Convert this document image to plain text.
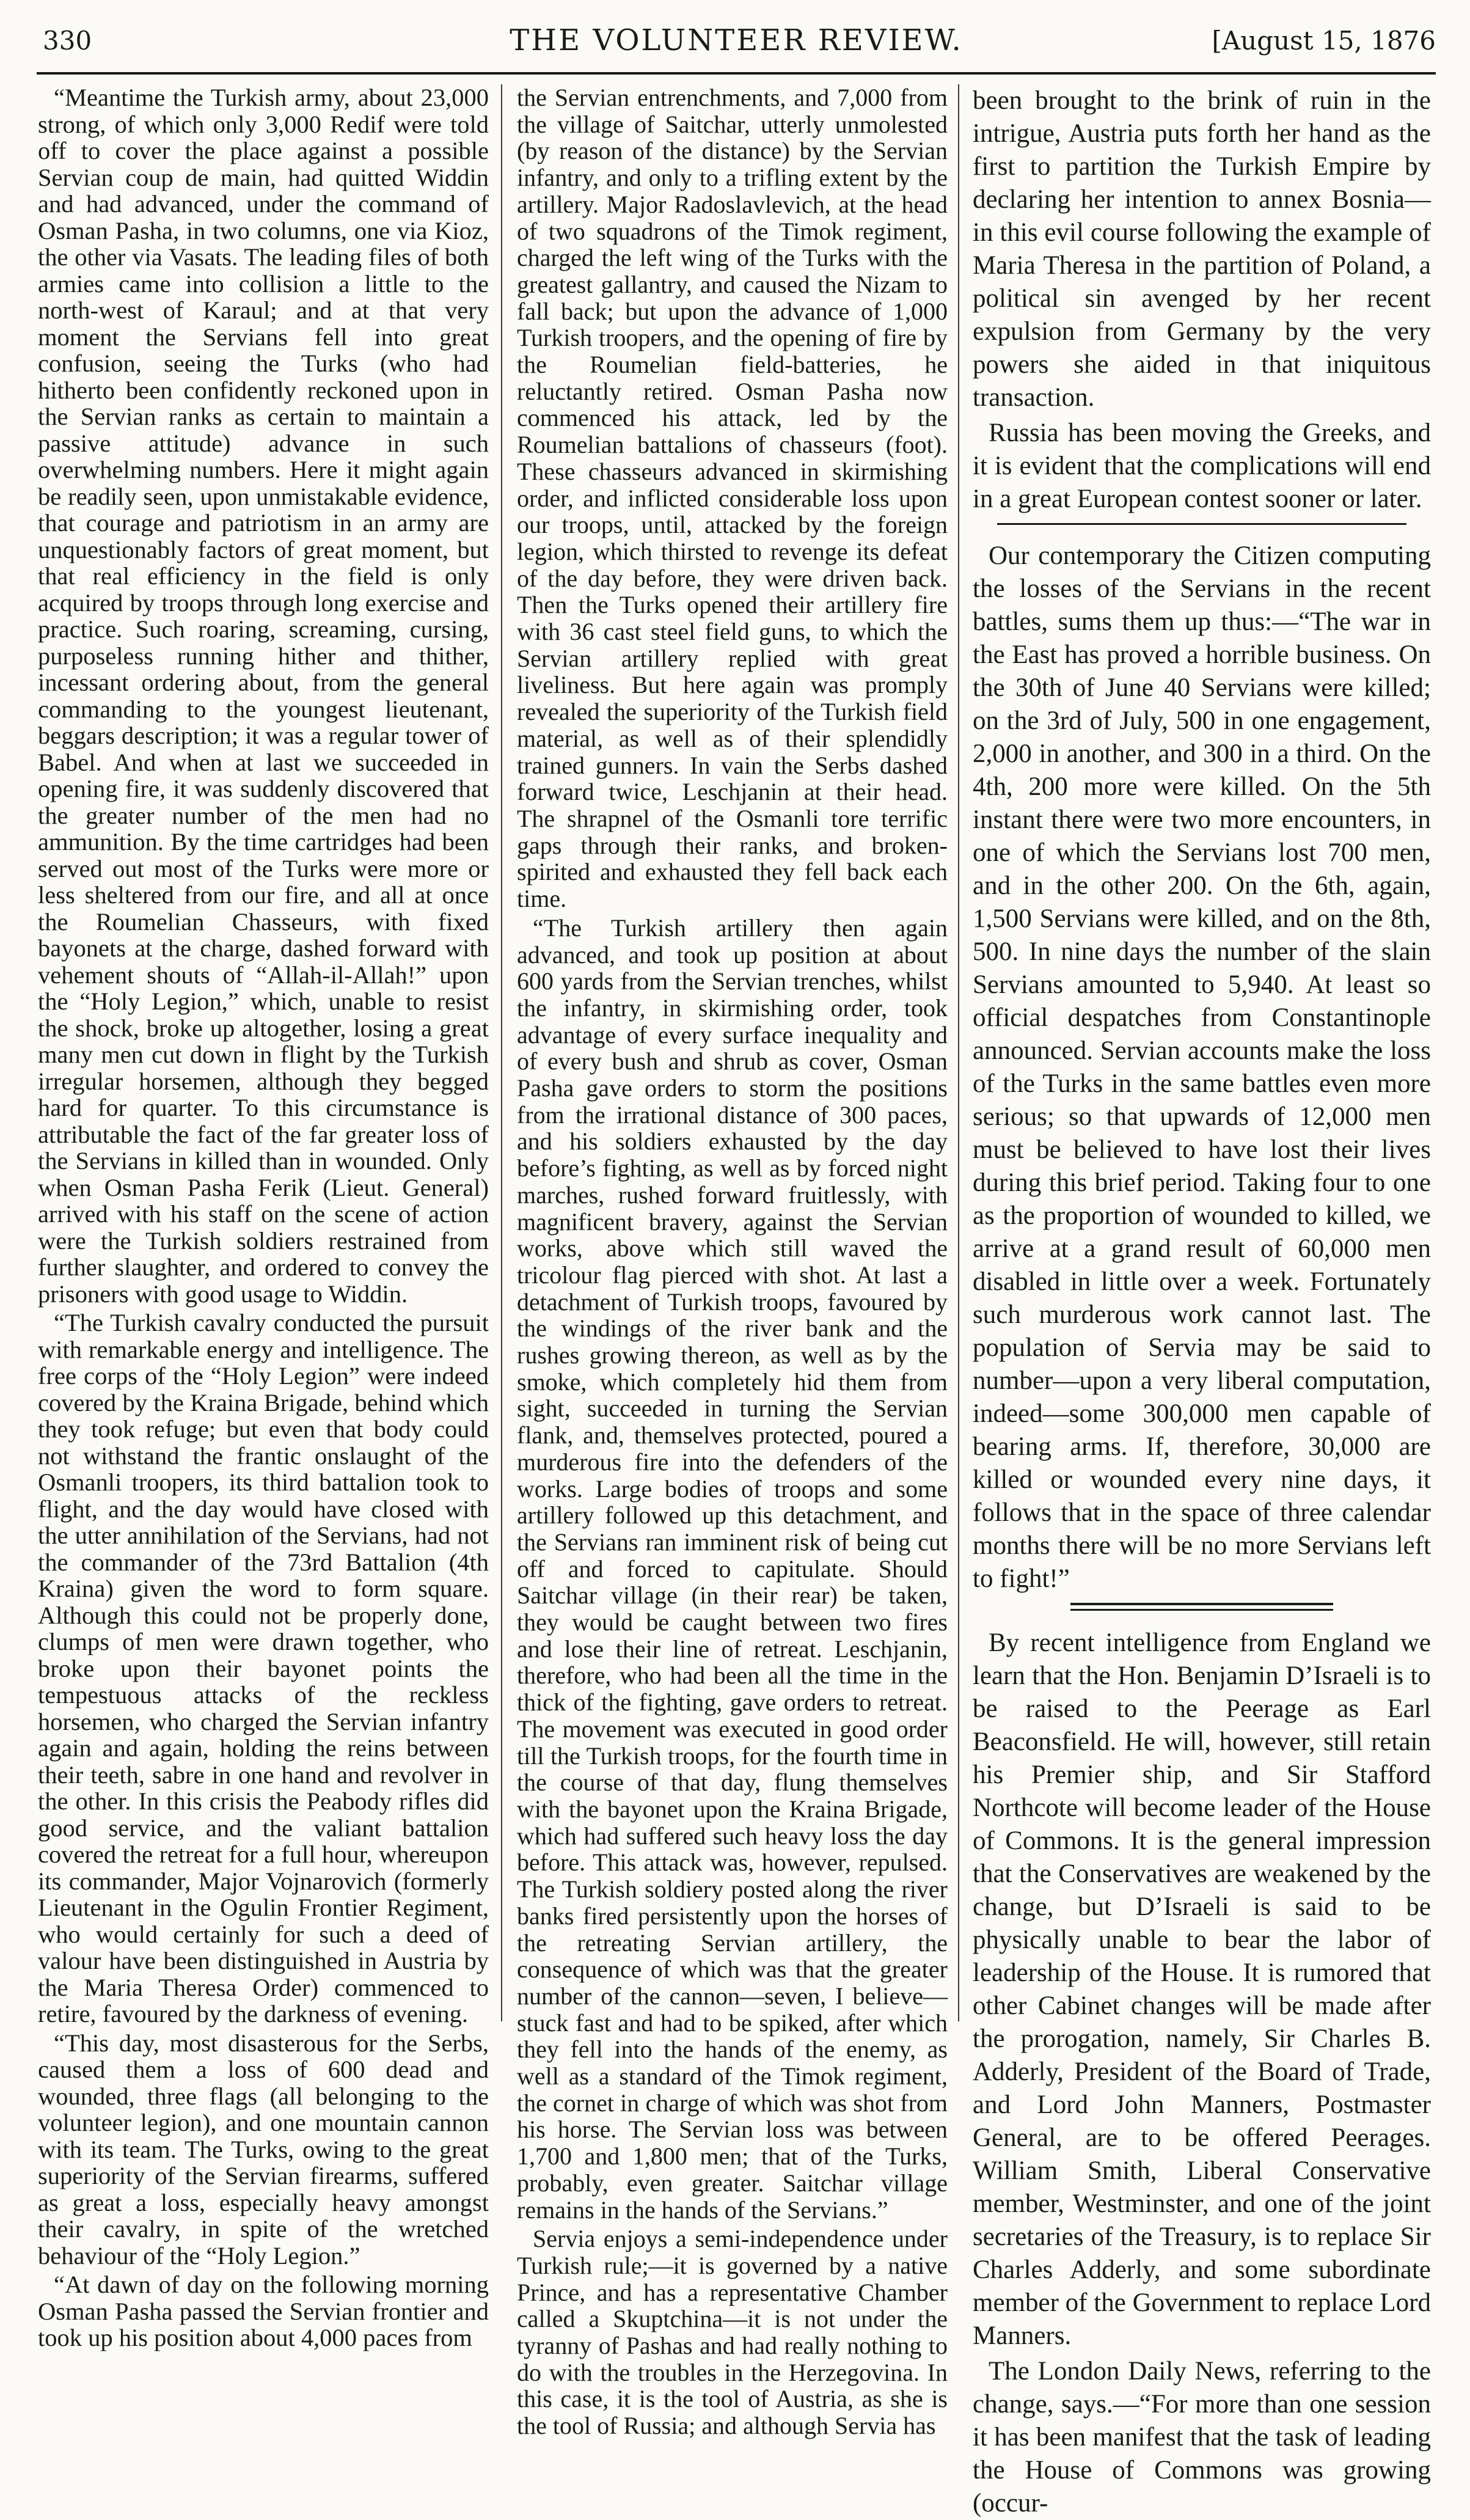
330	THE VOLUNTEER REVIEW.	[August 15, 1876

“Meantime the Turkish army, about 23,000 strong, of which only 3,000 Redif were told off to cover the place against a possible Servian coup de main, had quitted Widdin and had advanced, under the command of Osman Pasha, in two columns, one via Kioz, the other via Vasats. The leading files of both armies came into collision a little to the north-west of Karaul; and at that very moment the Servians fell into great confusion, seeing the Turks (who had hitherto been confidently reckoned upon in the Servian ranks as certain to maintain a passive attitude) advance in such overwhelming numbers. Here it might again be readily seen, upon unmistakable evidence, that courage and patriotism in an army are unquestionably factors of great moment, but that real efficiency in the field is only acquired by troops through long exercise and practice. Such roaring, screaming, cursing, purposeless running hither and thither, incessant ordering about, from the general commanding to the youngest lieutenant, beggars description; it was a regular tower of Babel. And when at last we succeeded in opening fire, it was suddenly discovered that the greater number of the men had no ammunition. By the time cartridges had been served out most of the Turks were more or less sheltered from our fire, and all at once the Roumelian Chasseurs, with fixed bayonets at the charge, dashed forward with vehement shouts of “Allah-il-Allah!” upon the “Holy Legion,” which, unable to resist the shock, broke up altogether, losing a great many men cut down in flight by the Turkish irregular horsemen, although they begged hard for quarter. To this circumstance is attributable the fact of the far greater loss of the Servians in killed than in wounded. Only when Osman Pasha Ferik (Lieut. General) arrived with his staff on the scene of action were the Turkish soldiers restrained from further slaughter, and ordered to convey the prisoners with good usage to Widdin.

“The Turkish cavalry conducted the pursuit with remarkable energy and intelligence. The free corps of the “Holy Legion” were indeed covered by the Kraina Brigade, behind which they took refuge; but even that body could not withstand the frantic onslaught of the Osmanli troopers, its third battalion took to flight, and the day would have closed with the utter annihilation of the Servians, had not the commander of the 73rd Battalion (4th Kraina) given the word to form square. Although this could not be properly done, clumps of men were drawn together, who broke upon their bayonet points the tempestuous attacks of the reckless horsemen, who charged the Servian infantry again and again, holding the reins between their teeth, sabre in one hand and revolver in the other. In this crisis the Peabody rifles did good service, and the valiant battalion covered the retreat for a full hour, whereupon its commander, Major Vojnarovich (formerly Lieutenant in the Ogulin Frontier Regiment, who would certainly for such a deed of valour have been distinguished in Austria by the Maria Theresa Order) commenced to retire, favoured by the darkness of evening.

“This day, most disasterous for the Serbs, caused them a loss of 600 dead and wounded, three flags (all belonging to the volunteer legion), and one mountain cannon with its team. The Turks, owing to the great superiority of the Servian firearms, suffered as great a loss, especially heavy amongst their cavalry, in spite of the wretched behaviour of the “Holy Legion.”

“At dawn of day on the following morning Osman Pasha passed the Servian frontier and took up his position about 4,000 paces from

the Servian entrenchments, and 7,000 from the village of Saitchar, utterly unmolested (by reason of the distance) by the Servian infantry, and only to a trifling extent by the artillery. Major Radoslavlevich, at the head of two squadrons of the Timok regiment, charged the left wing of the Turks with the greatest gallantry, and caused the Nizam to fall back; but upon the advance of 1,000 Turkish troopers, and the opening of fire by the Roumelian field-batteries, he reluctantly retired. Osman Pasha now commenced his attack, led by the Roumelian battalions of chasseurs (foot). These chasseurs advanced in skirmishing order, and inflicted considerable loss upon our troops, until, attacked by the foreign legion, which thirsted to revenge its defeat of the day before, they were driven back. Then the Turks opened their artillery fire with 36 cast steel field guns, to which the Servian artillery replied with great liveliness. But here again was promply revealed the superiority of the Turkish field material, as well as of their splendidly trained gunners. In vain the Serbs dashed forward twice, Leschjanin at their head. The shrapnel of the Osmanli tore terrific gaps through their ranks, and broken-spirited and exhausted they fell back each time.

“The Turkish artillery then again advanced, and took up position at about 600 yards from the Servian trenches, whilst the infantry, in skirmishing order, took advantage of every surface inequality and of every bush and shrub as cover, Osman Pasha gave orders to storm the positions from the irrational distance of 300 paces, and his soldiers exhausted by the day before’s fighting, as well as by forced night marches, rushed forward fruitlessly, with magnificent bravery, against the Servian works, above which still waved the tricolour flag pierced with shot. At last a detachment of Turkish troops, favoured by the windings of the river bank and the rushes growing thereon, as well as by the smoke, which completely hid them from sight, succeeded in turning the Servian flank, and, themselves protected, poured a murderous fire into the defenders of the works. Large bodies of troops and some artillery followed up this detachment, and the Servians ran imminent risk of being cut off and forced to capitulate. Should Saitchar village (in their rear) be taken, they would be caught between two fires and lose their line of retreat. Leschjanin, therefore, who had been all the time in the thick of the fighting, gave orders to retreat. The movement was executed in good order till the Turkish troops, for the fourth time in the course of that day, flung themselves with the bayonet upon the Kraina Brigade, which had suffered such heavy loss the day before. This attack was, however, repulsed. The Turkish soldiery posted along the river banks fired persistently upon the horses of the retreating Servian artillery, the consequence of which was that the greater number of the cannon—seven, I believe—stuck fast and had to be spiked, after which they fell into the hands of the enemy, as well as a standard of the Timok regiment, the cornet in charge of which was shot from his horse. The Servian loss was between 1,700 and 1,800 men; that of the Turks, probably, even greater. Saitchar village remains in the hands of the Servians.”

Servia enjoys a semi-independence under Turkish rule;—it is governed by a native Prince, and has a representative Chamber called a Skuptchina—it is not under the tyranny of Pashas and had really nothing to do with the troubles in the Herzegovina. In this case, it is the tool of Austria, as she is the tool of Russia; and although Servia has

been brought to the brink of ruin in the intrigue, Austria puts forth her hand as the first to partition the Turkish Empire by declaring her intention to annex Bosnia—in this evil course following the example of Maria Theresa in the partition of Poland, a political sin avenged by her recent expulsion from Germany by the very powers she aided in that iniquitous transaction.

Russia has been moving the Greeks, and it is evident that the complications will end in a great European contest sooner or later.

Our contemporary the Citizen computing the losses of the Servians in the recent battles, sums them up thus:—“The war in the East has proved a horrible business. On the 30th of June 40 Servians were killed; on the 3rd of July, 500 in one engagement, 2,000 in another, and 300 in a third. On the 4th, 200 more were killed. On the 5th instant there were two more encounters, in one of which the Servians lost 700 men, and in the other 200. On the 6th, again, 1,500 Servians were killed, and on the 8th, 500. In nine days the number of the slain Servians amounted to 5,940. At least so official despatches from Constantinople announced. Servian accounts make the loss of the Turks in the same battles even more serious; so that upwards of 12,000 men must be believed to have lost their lives during this brief period. Taking four to one as the proportion of wounded to killed, we arrive at a grand result of 60,000 men disabled in little over a week. Fortunately such murderous work cannot last. The population of Servia may be said to number—upon a very liberal computation, indeed—some 300,000 men capable of bearing arms. If, therefore, 30,000 are killed or wounded every nine days, it follows that in the space of three calendar months there will be no more Servians left to fight!”

By recent intelligence from England we learn that the Hon. Benjamin D’Israeli is to be raised to the Peerage as Earl Beaconsfield. He will, however, still retain his Premier ship, and Sir Stafford Northcote will become leader of the House of Commons. It is the general impression that the Conservatives are weakened by the change, but D’Israeli is said to be physically unable to bear the labor of leadership of the House. It is rumored that other Cabinet changes will be made after the prorogation, namely, Sir Charles B. Adderly, President of the Board of Trade, and Lord John Manners, Postmaster General, are to be offered Peerages. William Smith, Liberal Conservative member, Westminster, and one of the joint secretaries of the Treasury, is to replace Sir Charles Adderly, and some subordinate member of the Government to replace Lord Manners.

The London Daily News, referring to the change, says.—“For more than one session it has been manifest that the task of leading the House of Commons was growing (occur-
